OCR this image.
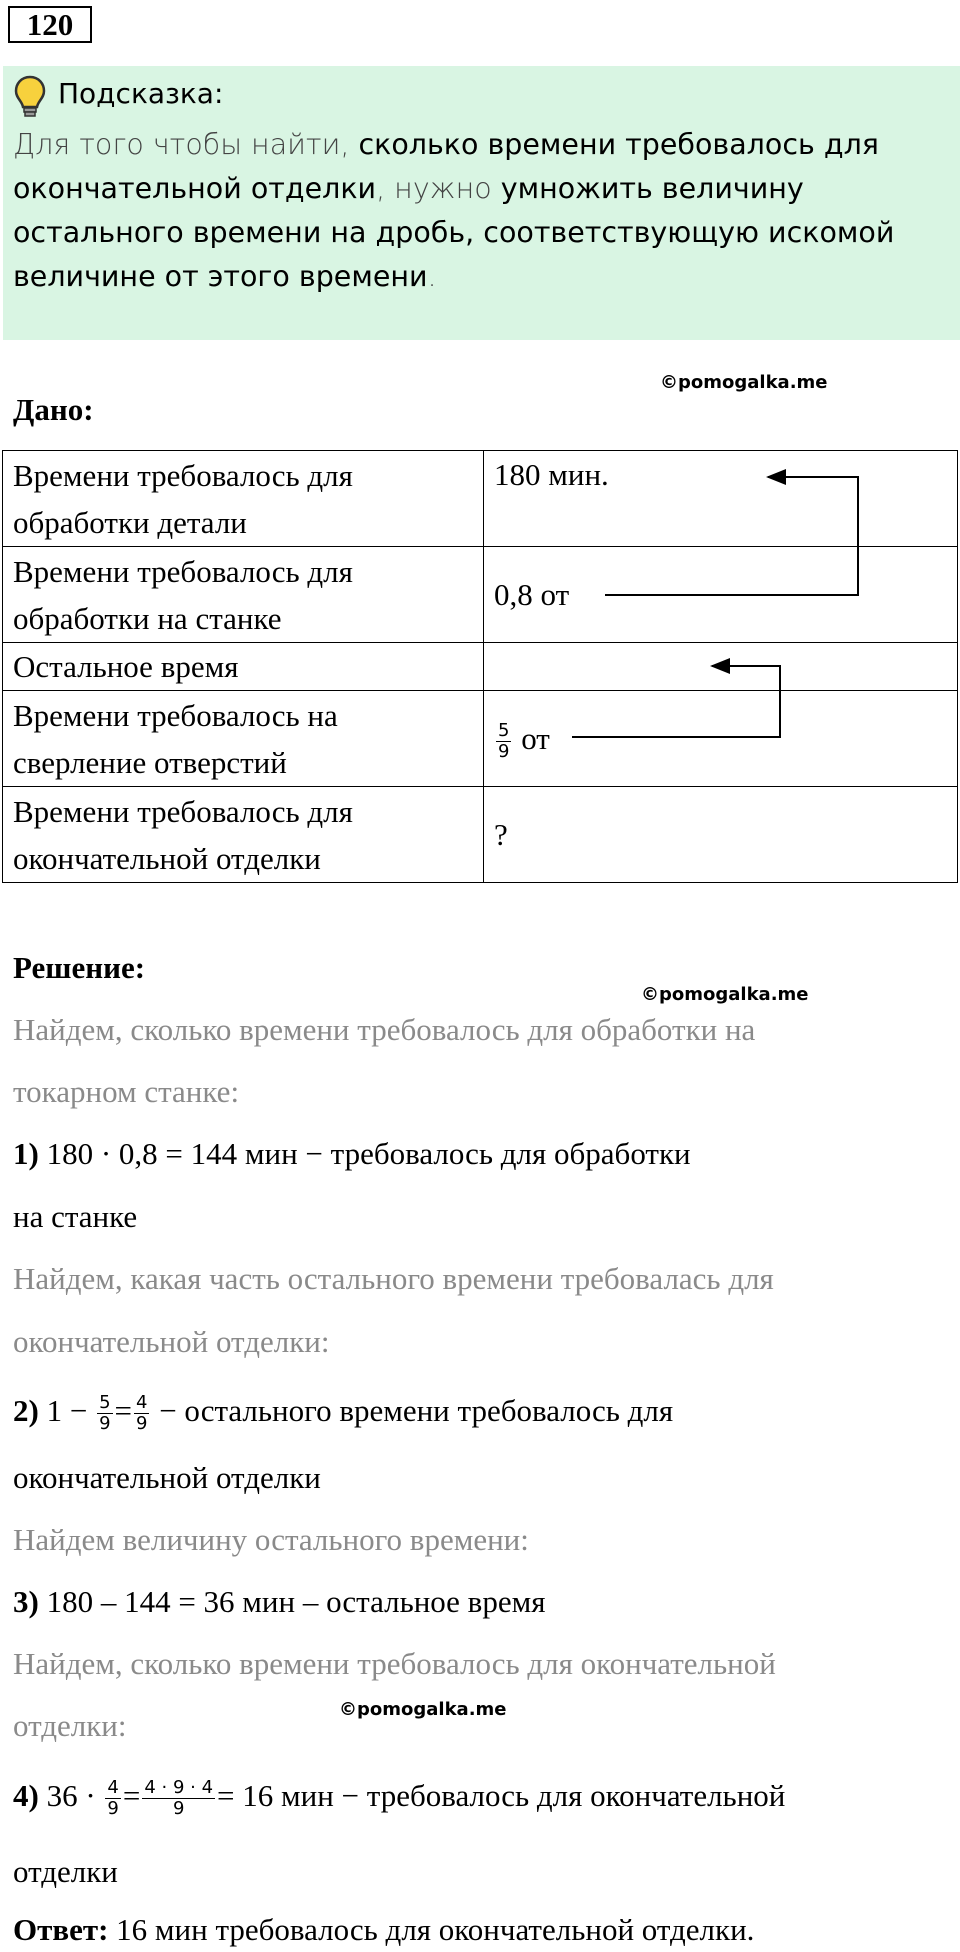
120
Подсказка:
Для того чтобы найти, сколько времени требовалось для окончательной отделки, нужно умножить величину остального времени на дробь, соответствующую искомой величине от этого времени.
©pomogalka.me
Дано:
Времени требовалось для
обработки детали	180 мин.
Времени требовалось для
обработки на станке	0,8 от
Остальное время	
Времени требовалось на
сверление отверстий	$\frac{5}{9}$ от
Времени требовалось для
окончательной отделки	?
Решение:
©pomogalka.me
Найдем, сколько времени требовалось для обработки на
токарном станке:
1) 180 · 0,8 = 144 мин − требовалось для обработки
на станке
Найдем, какая часть остального времени требовалась для
окончательной отделки:
2) $1 - \frac{5}{9} = \frac{4}{9}$ − остального времени требовалось для
окончательной отделки
Найдем величину остального времени:
3) 180 – 144 = 36 мин – остальное время
Найдем, сколько времени требовалось для окончательной
©pomogalka.me
отделки:
4) $36 \cdot \frac{4}{9} = \frac{4 \cdot 9 \cdot 4}{9} = 16$ мин − требовалось для окончательной
отделки
Ответ: 16 мин требовалось для окончательной отделки.
